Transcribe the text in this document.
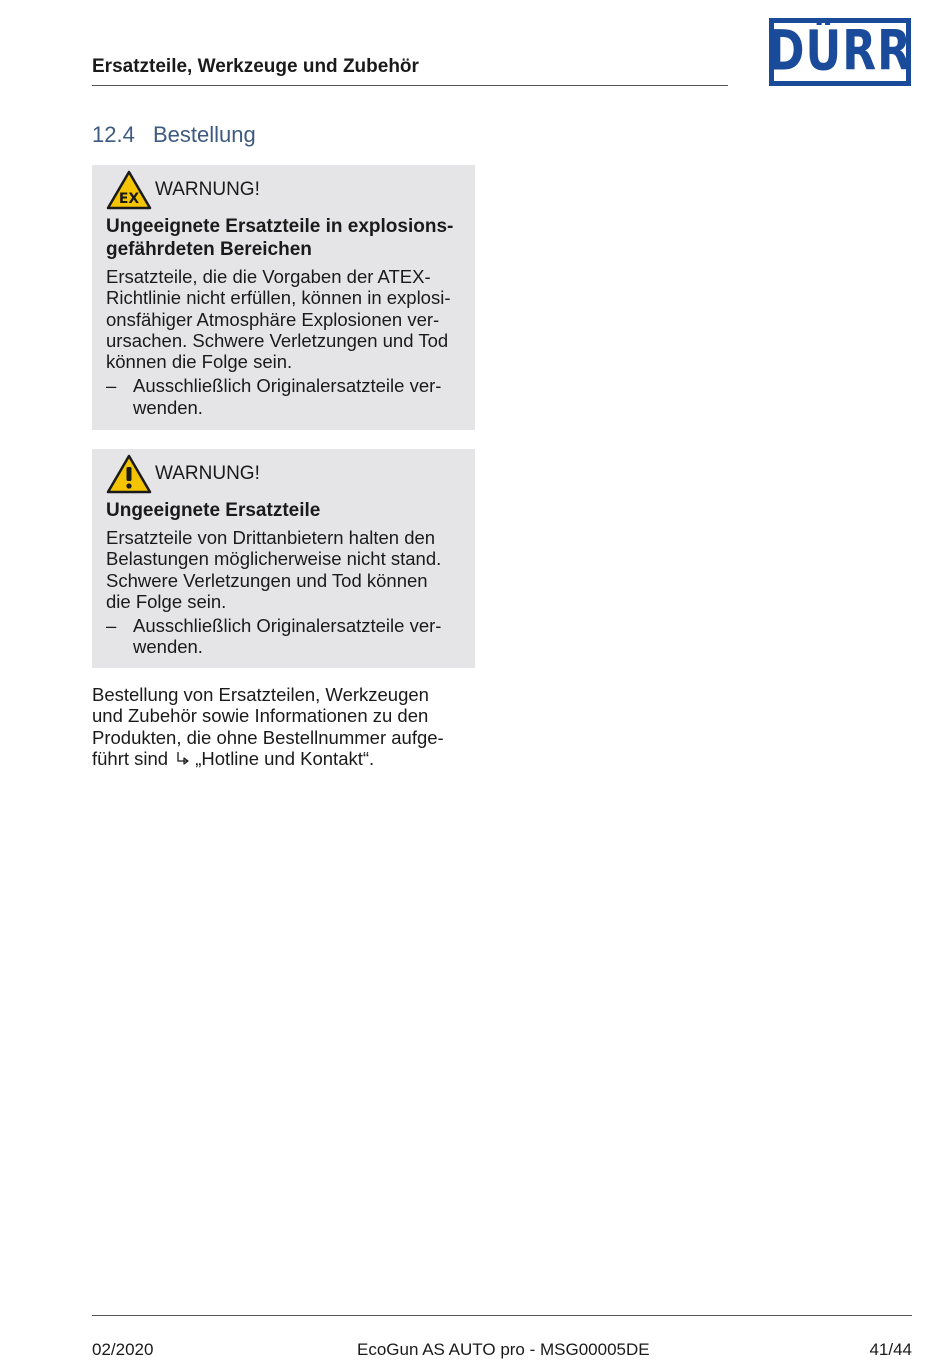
Ersatzteile, Werkzeuge und Zubehör	DÜRR
12.4 Bestellung
EX WARNUNG!
Ungeeignete Ersatzteile in explosions-
gefährdeten Bereichen
Ersatzteile, die die Vorgaben der ATEX-
Richtlinie nicht erfüllen, können in explosi-
onsfähiger Atmosphäre Explosionen ver-
ursachen. Schwere Verletzungen und Tod
können die Folge sein.
– Ausschließlich Originalersatzteile ver-
wenden.
WARNUNG!
Ungeeignete Ersatzteile
Ersatzteile von Drittanbietern halten den
Belastungen möglicherweise nicht stand.
Schwere Verletzungen und Tod können
die Folge sein.
– Ausschließlich Originalersatzteile ver-
wenden.
Bestellung von Ersatzteilen, Werkzeugen
und Zubehör sowie Informationen zu den
Produkten, die ohne Bestellnummer aufge-
führt sind „Hotline und Kontakt“.
02/2020	EcoGun AS AUTO pro - MSG00005DE	41/44
